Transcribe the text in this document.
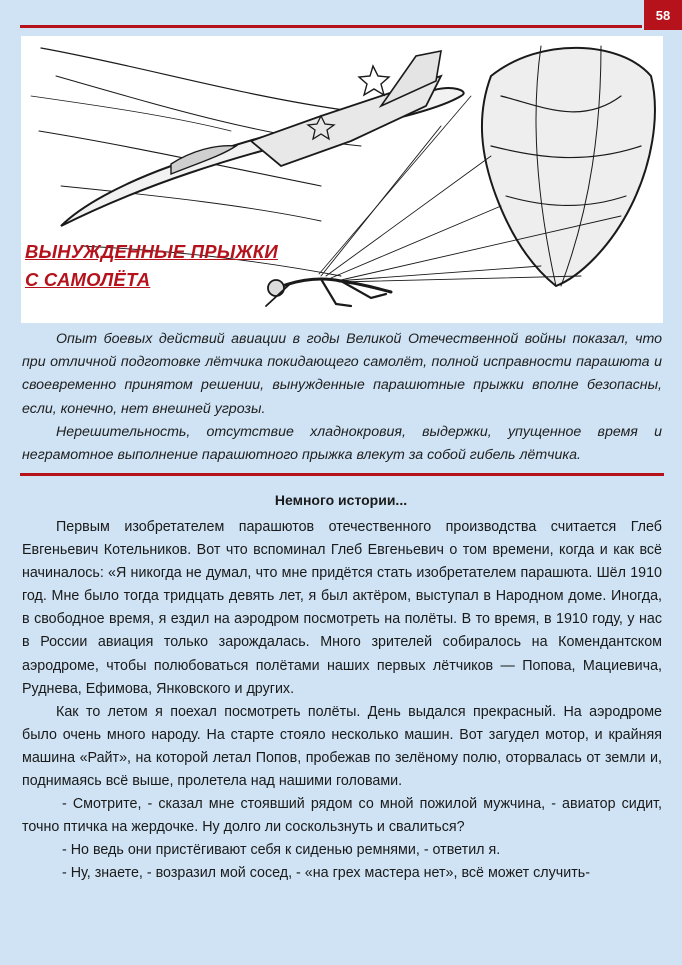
58
ВЫНУЖДЕННЫЕ ПРЫЖКИ
С САМОЛЁТА

Опыт боевых действий авиации в годы Великой Отечественной войны показал, что при отличной подготовке лётчика покидающего самолёт, полной исправности парашюта и своевременно принятом решении, вынужденные парашютные прыжки вполне безопасны, если, конечно, нет внешней угрозы.

Нерешительность, отсутствие хладнокровия, выдержки, упущенное время и неграмотное выполнение парашютного прыжка влекут за собой гибель лётчика.

Немного истории...

Первым изобретателем парашютов отечественного производства считается Глеб Евгеньевич Котельников. Вот что вспоминал Глеб Евгеньевич о том времени, когда и как всё начиналось: «Я никогда не думал, что мне придётся стать изобретателем парашюта. Шёл 1910 год. Мне было тогда тридцать девять лет, я был актёром, выступал в Народном доме. Иногда, в свободное время, я ездил на аэродром посмотреть на полёты. В то время, в 1910 году, у нас в России авиация только зарождалась. Много зрителей собиралось на Комендантском аэродроме, чтобы полюбоваться полётами наших первых лётчиков — Попова, Мациевича, Руднева, Ефимова, Янковского и других.

Как то летом я поехал посмотреть полёты. День выдался прекрасный. На аэродроме было очень много народу. На старте стояло несколько машин. Вот загудел мотор, и крайняя машина «Райт», на которой летал Попов, пробежав по зелёному полю, оторвалась от земли и, поднимаясь всё выше, пролетела над нашими головами.

- Смотрите, - сказал мне стоявший рядом со мной пожилой мужчина, - авиатор сидит, точно птичка на жердочке. Ну долго ли соскользнуть и свалиться?

- Но ведь они пристёгивают себя к сиденью ремнями, - ответил я.

- Ну, знаете, - возразил мой сосед, - «на грех мастера нет», всё может случить-
